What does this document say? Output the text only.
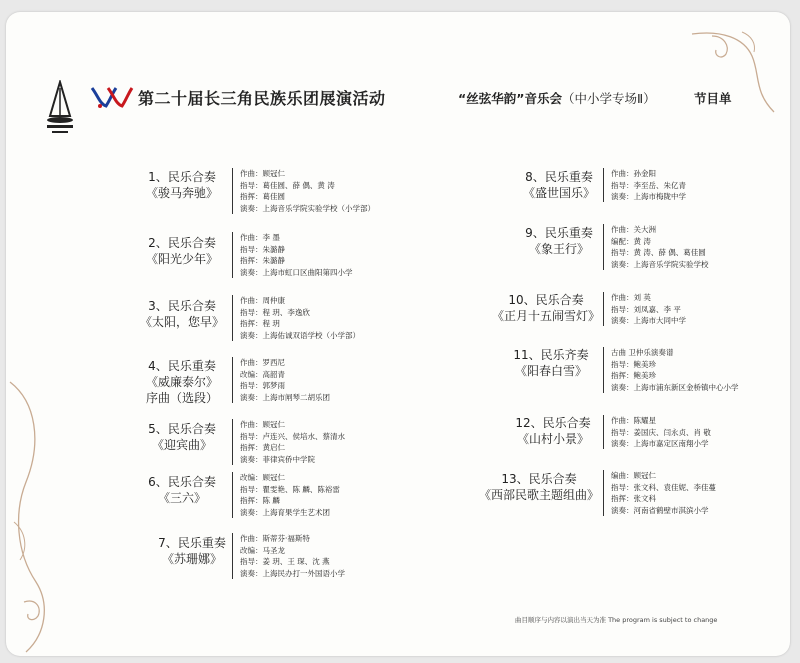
第二十届长三角民族乐团展演活动	“丝弦华韵”音乐会（中小学专场Ⅱ）	节目单
1、民乐合奏
《骏马奔驰》
作曲：顾冠仁
指导：葛佳圆、薛 偶、黄 涛
指挥：葛佳圆
演奏：上海音乐学院实验学校（小学部）
2、民乐合奏
《阳光少年》
作曲：李 墨
指导：朱潞静
指挥：朱潞静
演奏：上海市虹口区曲阳第四小学
3、民乐合奏
《太阳，您早》
作曲：周仲康
指导：程 玥、李逸欣
指挥：程 玥
演奏：上海佑诚双语学校（小学部）
4、民乐重奏
《威廉泰尔》
序曲（选段）
作曲：罗西尼
改编：高韶青
指导：郭梦雨
演奏：上海市闸琴二胡乐团
5、民乐合奏
《迎宾曲》
作曲：顾冠仁
指导：卢连兴、侯培水、蔡清水
指挥：黄启仁
演奏：菲律宾侨中学院
6、民乐合奏
《三六》
改编：顾冠仁
指导：瞿雯艳、陈 麟、陈裕雷
指挥：陈 麟
演奏：上海育果学生艺术团
7、民乐重奏
《苏珊娜》
作曲：斯蒂芬·福斯特
改编：马圣龙
指导：姜 玥、王 琛、沈 燕
演奏：上海民办打一外国语小学
8、民乐重奏
《盛世国乐》
作曲：孙金阳
指导：李至岳、朱亿青
演奏：上海市梅陇中学
9、民乐重奏
《象王行》
作曲：关大洲
编配：黄 涛
指导：黄 涛、薛 偶、葛佳圆
演奏：上海音乐学院实验学校
10、民乐合奏
《正月十五闹雪灯》
作曲：刘 英
指导：刘凤嘉、李 平
演奏：上海市大同中学
11、民乐齐奏
《阳春白雪》
古曲 卫仲乐演奏谱
指导：鲍美珍
指挥：鲍美珍
演奏：上海市浦东新区金桥镇中心小学
12、民乐合奏
《山村小景》
作曲：陈耀星
指导：姜国庆、闫永贞、肖 敬
演奏：上海市嘉定区南翔小学
13、民乐合奏
《西部民歌主题组曲》
编曲：顾冠仁
指导：张文科、袁佳妮、李佳蔓
指挥：张文科
演奏：河南省鹤壁市淇滨小学
曲目顺序与内容以演出当天为准 The program is subject to change
